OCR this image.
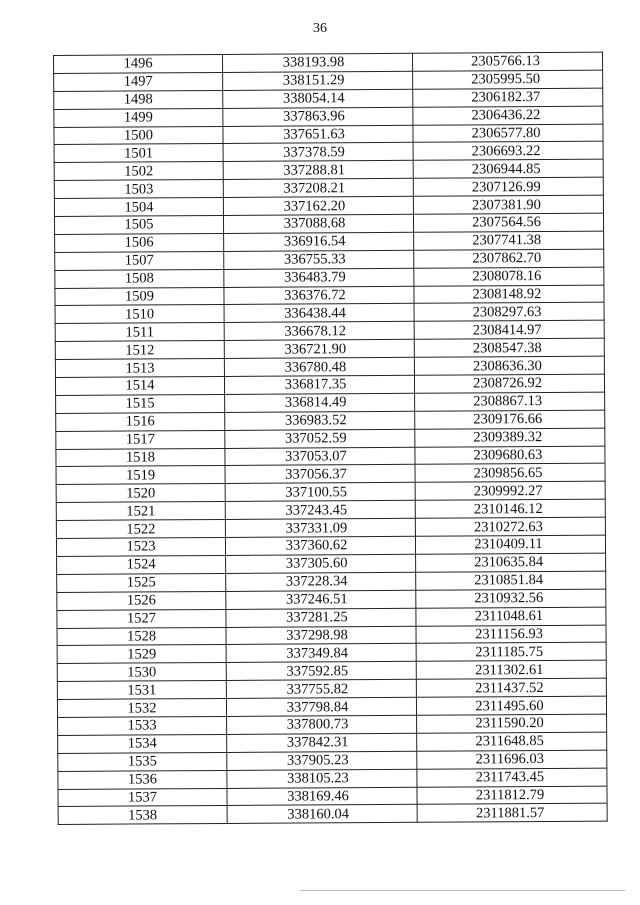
36
1496	338193.98	2305766.13
1497	338151.29	2305995.50
1498	338054.14	2306182.37
1499	337863.96	2306436.22
1500	337651.63	2306577.80
1501	337378.59	2306693.22
1502	337288.81	2306944.85
1503	337208.21	2307126.99
1504	337162.20	2307381.90
1505	337088.68	2307564.56
1506	336916.54	2307741.38
1507	336755.33	2307862.70
1508	336483.79	2308078.16
1509	336376.72	2308148.92
1510	336438.44	2308297.63
1511	336678.12	2308414.97
1512	336721.90	2308547.38
1513	336780.48	2308636.30
1514	336817.35	2308726.92
1515	336814.49	2308867.13
1516	336983.52	2309176.66
1517	337052.59	2309389.32
1518	337053.07	2309680.63
1519	337056.37	2309856.65
1520	337100.55	2309992.27
1521	337243.45	2310146.12
1522	337331.09	2310272.63
1523	337360.62	2310409.11
1524	337305.60	2310635.84
1525	337228.34	2310851.84
1526	337246.51	2310932.56
1527	337281.25	2311048.61
1528	337298.98	2311156.93
1529	337349.84	2311185.75
1530	337592.85	2311302.61
1531	337755.82	2311437.52
1532	337798.84	2311495.60
1533	337800.73	2311590.20
1534	337842.31	2311648.85
1535	337905.23	2311696.03
1536	338105.23	2311743.45
1537	338169.46	2311812.79
1538	338160.04	2311881.57
